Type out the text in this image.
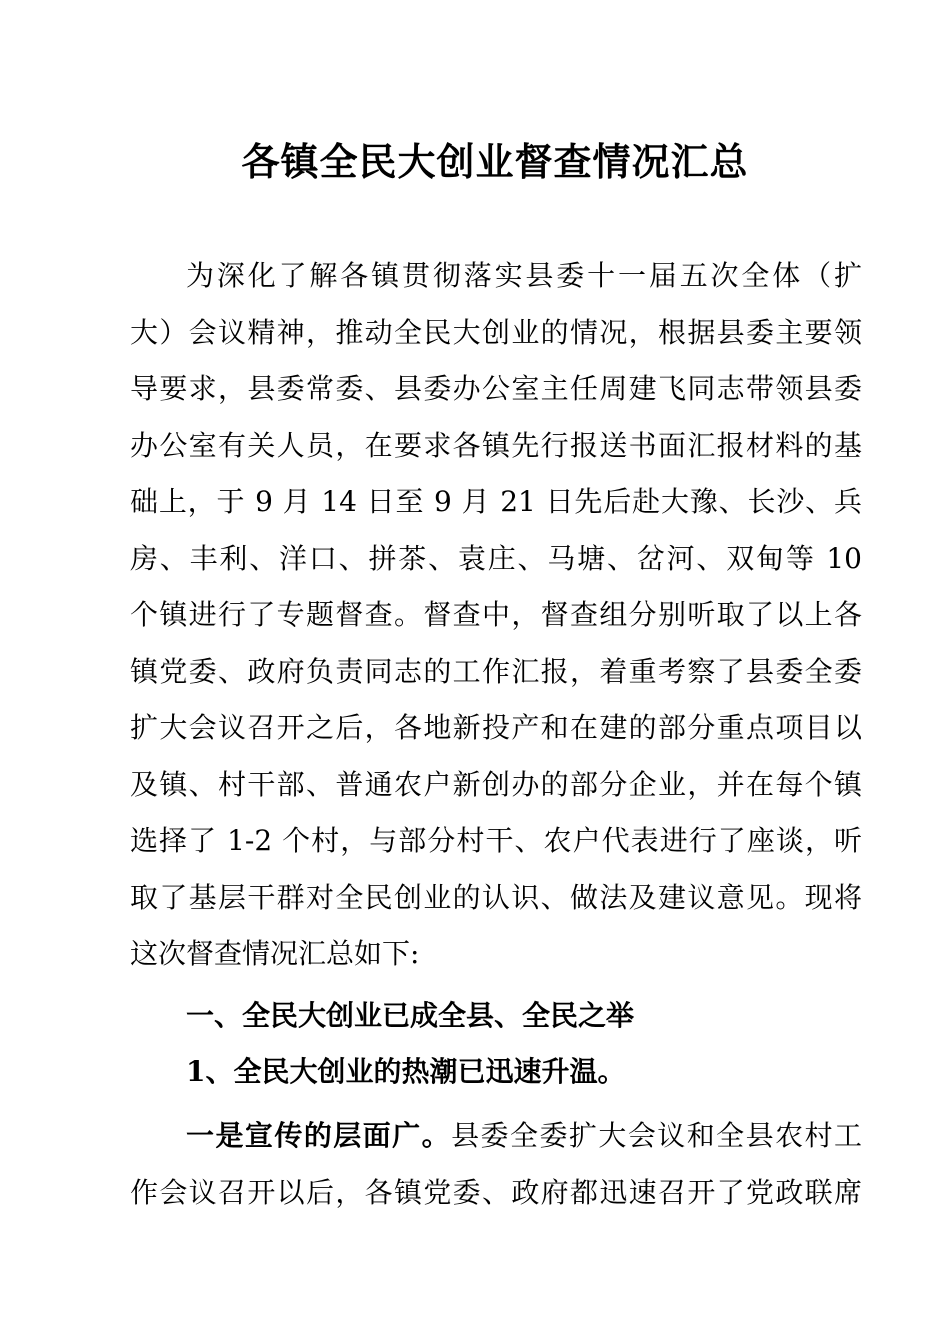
各镇全民大创业督查情况汇总
为深化了解各镇贯彻落实县委十一届五次全体（扩
大）会议精神，推动全民大创业的情况，根据县委主要领
导要求，县委常委、县委办公室主任周建飞同志带领县委
办公室有关人员，在要求各镇先行报送书面汇报材料的基
础上，于 9 月 14 日至 9 月 21 日先后赴大豫、长沙、兵
房、丰利、洋口、拼茶、袁庄、马塘、岔河、双甸等 10
个镇进行了专题督查。督查中，督查组分别听取了以上各
镇党委、政府负责同志的工作汇报，着重考察了县委全委
扩大会议召开之后，各地新投产和在建的部分重点项目以
及镇、村干部、普通农户新创办的部分企业，并在每个镇
选择了 1-2 个村，与部分村干、农户代表进行了座谈，听
取了基层干群对全民创业的认识、做法及建议意见。现将
这次督查情况汇总如下:
一、全民大创业已成全县、全民之举
1、全民大创业的热潮已迅速升温。
一是宣传的层面广。县委全委扩大会议和全县农村工
作会议召开以后，各镇党委、政府都迅速召开了党政联席
